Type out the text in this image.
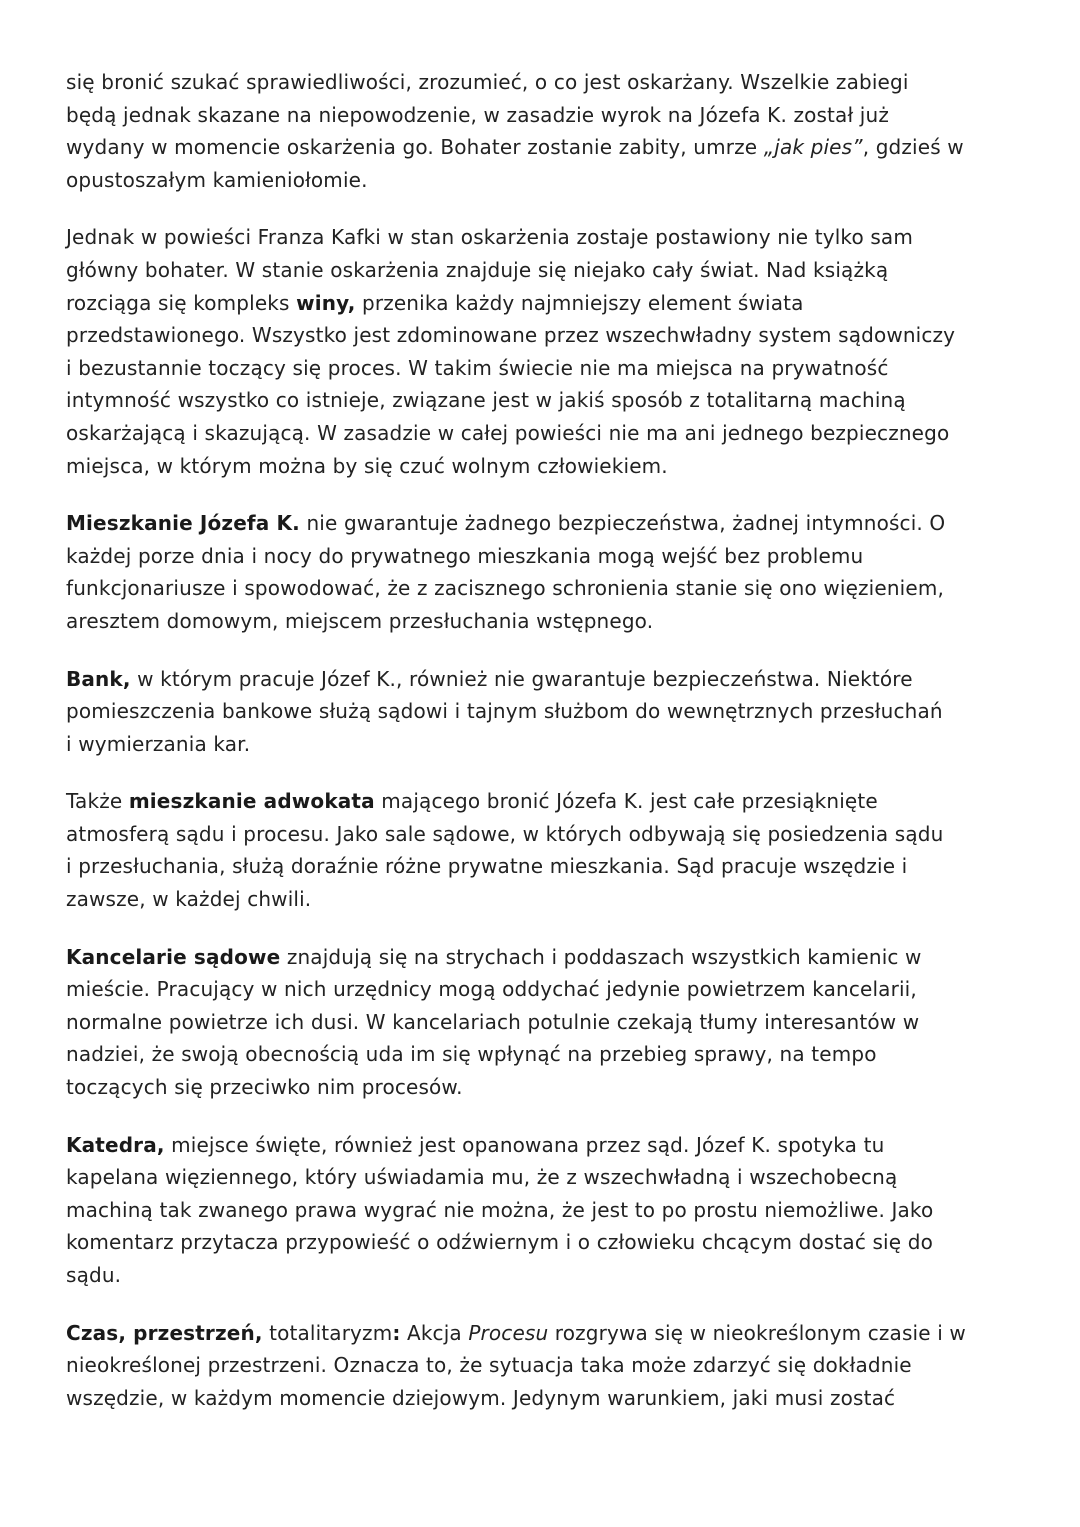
się bronić szukać sprawiedliwości, zrozumieć, o co jest oskarżany. Wszelkie zabiegi
będą jednak skazane na niepowodzenie, w zasadzie wyrok na Józefa K. został już
wydany w momencie oskarżenia go. Bohater zostanie zabity, umrze „jak pies”, gdzieś w
opustoszałym kamieniołomie.
Jednak w powieści Franza Kafki w stan oskarżenia zostaje postawiony nie tylko sam
główny bohater. W stanie oskarżenia znajduje się niejako cały świat. Nad książką
rozciąga się kompleks winy, przenika każdy najmniejszy element świata
przedstawionego. Wszystko jest zdominowane przez wszechwładny system sądowniczy
i bezustannie toczący się proces. W takim świecie nie ma miejsca na prywatność
intymność wszystko co istnieje, związane jest w jakiś sposób z totalitarną machiną
oskarżającą i skazującą. W zasadzie w całej powieści nie ma ani jednego bezpiecznego
miejsca, w którym można by się czuć wolnym człowiekiem.
Mieszkanie Józefa K. nie gwarantuje żadnego bezpieczeństwa, żadnej intymności. O
każdej porze dnia i nocy do prywatnego mieszkania mogą wejść bez problemu
funkcjonariusze i spowodować, że z zacisznego schronienia stanie się ono więzieniem,
aresztem domowym, miejscem przesłuchania wstępnego.
Bank, w którym pracuje Józef K., również nie gwarantuje bezpieczeństwa. Niektóre
pomieszczenia bankowe służą sądowi i tajnym służbom do wewnętrznych przesłuchań
i wymierzania kar.
Także mieszkanie adwokata mającego bronić Józefa K. jest całe przesiąknięte
atmosferą sądu i procesu. Jako sale sądowe, w których odbywają się posiedzenia sądu
i przesłuchania, służą doraźnie różne prywatne mieszkania. Sąd pracuje wszędzie i
zawsze, w każdej chwili.
Kancelarie sądowe znajdują się na strychach i poddaszach wszystkich kamienic w
mieście. Pracujący w nich urzędnicy mogą oddychać jedynie powietrzem kancelarii,
normalne powietrze ich dusi. W kancelariach potulnie czekają tłumy interesantów w
nadziei, że swoją obecnością uda im się wpłynąć na przebieg sprawy, na tempo
toczących się przeciwko nim procesów.
Katedra, miejsce święte, również jest opanowana przez sąd. Józef K. spotyka tu
kapelana więziennego, który uświadamia mu, że z wszechwładną i wszechobecną
machiną tak zwanego prawa wygrać nie można, że jest to po prostu niemożliwe. Jako
komentarz przytacza przypowieść o odźwiernym i o człowieku chcącym dostać się do
sądu.
Czas, przestrzeń, totalitaryzm: Akcja Procesu rozgrywa się w nieokreślonym czasie i w
nieokreślonej przestrzeni. Oznacza to, że sytuacja taka może zdarzyć się dokładnie
wszędzie, w każdym momencie dziejowym. Jedynym warunkiem, jaki musi zostać
